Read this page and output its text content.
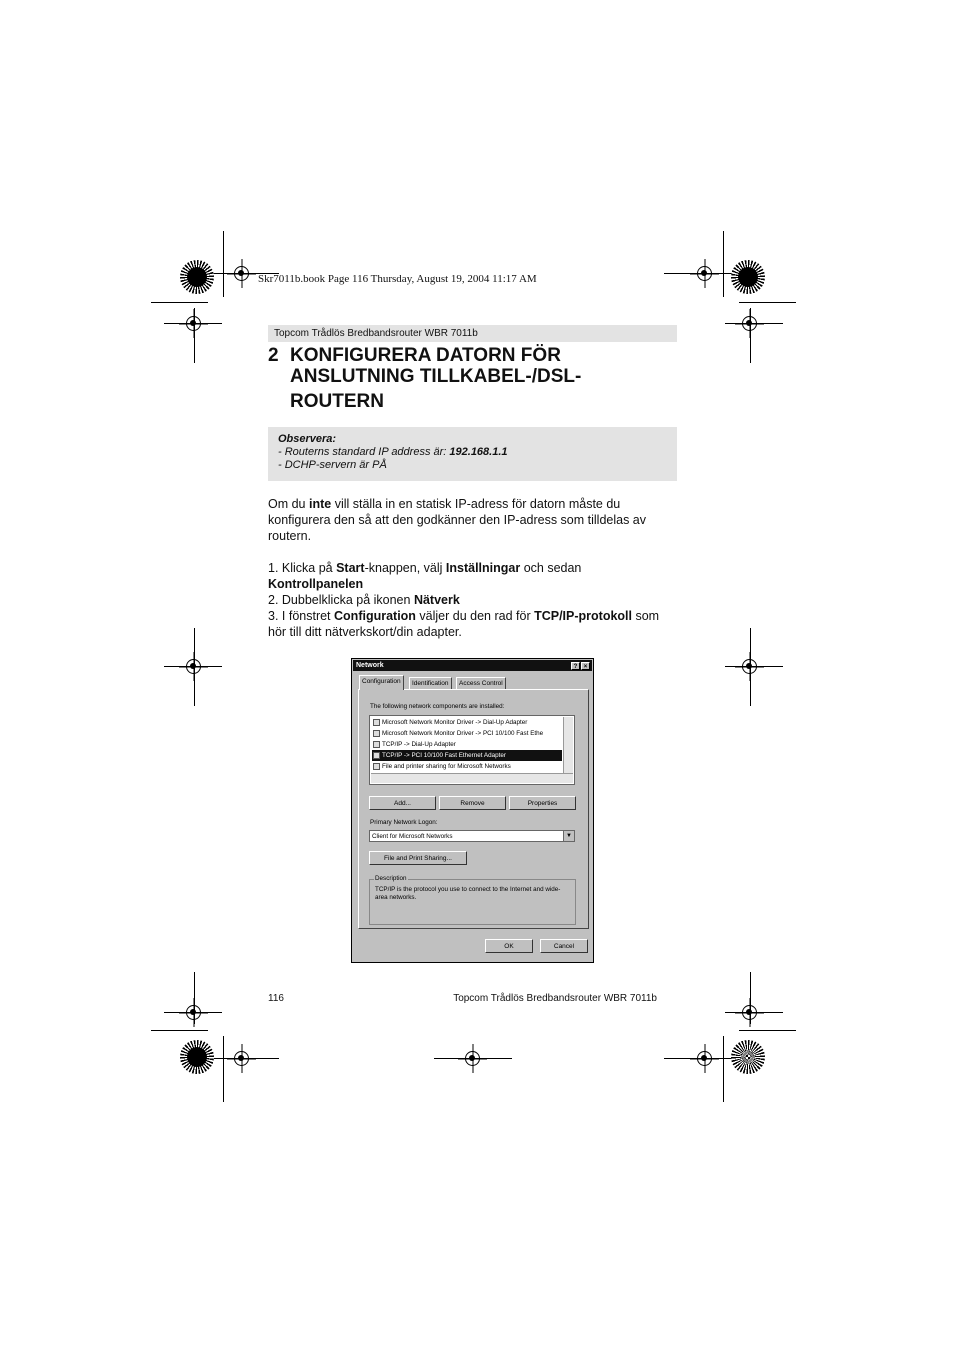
Skr7011b.book Page 116 Thursday, August 19, 2004 11:17 AM
Topcom Trådlös Bredbandsrouter WBR 7011b
2 KONFIGURERA DATORN FÖR
ANSLUTNING TILLKABEL-/DSL-
ROUTERN
Observera:
- Routerns standard IP address är: 192.168.1.1
- DCHP-servern är PÅ
Om du inte vill ställa in en statisk IP-adress för datorn måste du
konfigurera den så att den godkänner den IP-adress som tilldelas av
routern.
1. Klicka på Start-knappen, välj Inställningar och sedan
Kontrollpanelen
2. Dubbelklicka på ikonen Nätverk
3. I fönstret Configuration väljer du den rad för TCP/IP-protokoll som
hör till ditt nätverkskort/din adapter.
Network	?	×
Configuration	Identification	Access Control
The following network components are installed:
Microsoft Network Monitor Driver -> Dial-Up Adapter
Microsoft Network Monitor Driver -> PCI 10/100 Fast Ethe
TCP/IP -> Dial-Up Adapter
TCP/IP -> PCI 10/100 Fast Ethernet Adapter
File and printer sharing for Microsoft Networks
Add...	Remove	Properties
Primary Network Logon:
Client for Microsoft Networks	▼
File and Print Sharing...
Description
TCP/IP is the protocol you use to connect to the Internet and wide-area networks.
OK	Cancel
116	Topcom Trådlös Bredbandsrouter WBR 7011b
